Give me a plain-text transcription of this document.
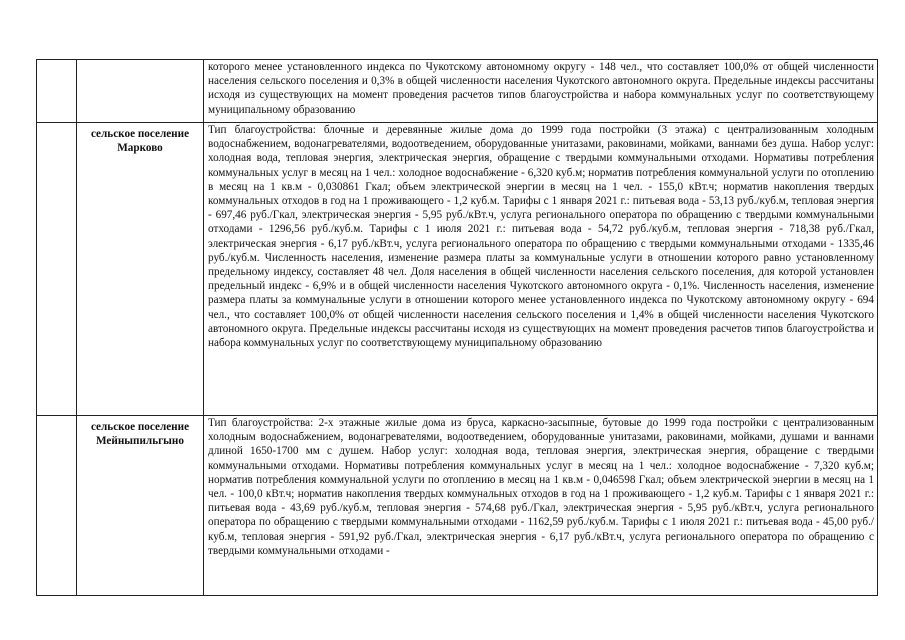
		которого менее установленного индекса по Чукотскому автономному округу - 148 чел., что составляет 100,0% от общей численности населения сельского поселения и 0,3% в общей численности населения Чукотского автономного округа. Предельные индексы рассчитаны исходя из существующих на момент проведения расчетов типов благоустройства и набора коммунальных услуг по соответствующему муниципальному образованию

	сельское поселение Марково	Тип благоустройства: блочные и деревянные жилые дома до 1999 года постройки (3 этажа) с централизованным холодным водоснабжением, водонагревателями, водоотведением, оборудованные унитазами, раковинами, мойками, ваннами без душа. Набор услуг: холодная вода, тепловая энергия, электрическая энергия, обращение с твердыми коммунальными отходами. Нормативы потребления коммунальных услуг в месяц на 1 чел.: холодное водоснабжение - 6,320 куб.м; норматив потребления коммунальной услуги по отоплению в месяц на 1 кв.м - 0,030861 Гкал; объем электрической энергии в месяц на 1 чел. - 155,0 кВт.ч; норматив накопления твердых коммунальных отходов в год на 1 проживающего - 1,2 куб.м. Тарифы с 1 января 2021 г.: питьевая вода - 53,13 руб./куб.м, тепловая энергия - 697,46 руб./Гкал, электрическая энергия - 5,95 руб./кВт.ч, услуга регионального оператора по обращению с твердыми коммунальными отходами - 1296,56 руб./куб.м. Тарифы с 1 июля 2021 г.: питьевая вода - 54,72 руб./куб.м, тепловая энергия - 718,38 руб./Гкал, электрическая энергия - 6,17 руб./кВт.ч, услуга регионального оператора по обращению с твердыми коммунальными отходами - 1335,46 руб./куб.м. Численность населения, изменение размера платы за коммунальные услуги в отношении которого равно установленному предельному индексу, составляет 48 чел. Доля населения в общей численности населения сельского поселения, для которой установлен предельный индекс - 6,9% и в общей численности населения Чукотского автономного округа - 0,1%. Численность населения, изменение размера платы за коммунальные услуги в отношении которого менее установленного индекса по Чукотскому автономному округу - 694 чел., что составляет 100,0% от общей численности населения сельского поселения и 1,4% в общей численности населения Чукотского автономного округа. Предельные индексы рассчитаны исходя из существующих на момент проведения расчетов типов благоустройства и набора коммунальных услуг по соответствующему муниципальному образованию

	сельское поселение Мейныпильгыно	Тип благоустройства: 2-х этажные жилые дома из бруса, каркасно-засыпные, бутовые до 1999 года постройки с централизованным холодным водоснабжением, водонагревателями, водоотведением, оборудованные унитазами, раковинами, мойками, душами и ваннами длиной 1650-1700 мм с душем. Набор услуг: холодная вода, тепловая энергия, электрическая энергия, обращение с твердыми коммунальными отходами. Нормативы потребления коммунальных услуг в месяц на 1 чел.: холодное водоснабжение - 7,320 куб.м; норматив потребления коммунальной услуги по отоплению в месяц на 1 кв.м - 0,046598 Гкал; объем электрической энергии в месяц на 1 чел. - 100,0 кВт.ч; норматив накопления твердых коммунальных отходов в год на 1 проживающего - 1,2 куб.м. Тарифы с 1 января 2021 г.: питьевая вода - 43,69 руб./куб.м, тепловая энергия - 574,68 руб./Гкал, электрическая энергия - 5,95 руб./кВт.ч, услуга регионального оператора по обращению с твердыми коммунальными отходами - 1162,59 руб./куб.м. Тарифы с 1 июля 2021 г.: питьевая вода - 45,00 руб./куб.м, тепловая энергия - 591,92 руб./Гкал, электрическая энергия - 6,17 руб./кВт.ч, услуга регионального оператора по обращению с твердыми коммунальными отходами -
